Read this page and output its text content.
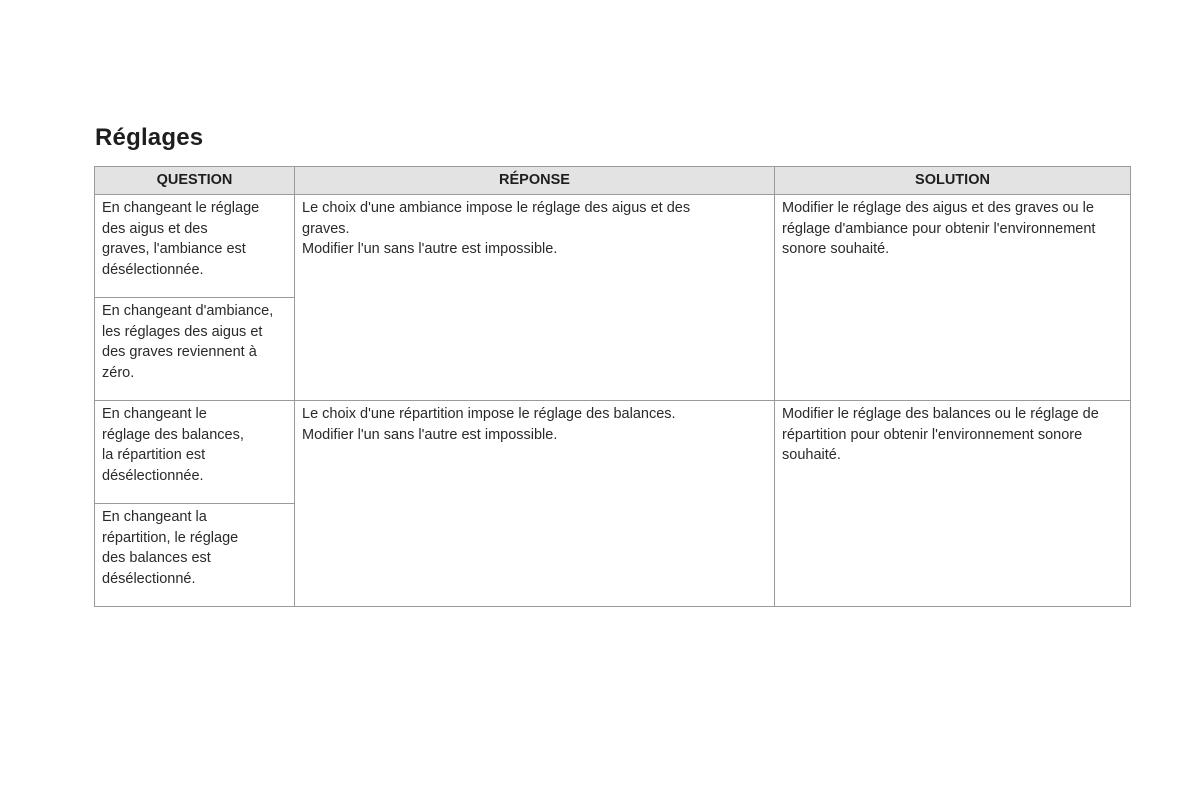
Réglages
QUESTION	RÉPONSE	SOLUTION

En changeant le réglage
des aigus et des
graves, l'ambiance est
désélectionnée.	Le choix d'une ambiance impose le réglage des aigus et des
graves.
Modifier l'un sans l'autre est impossible.	Modifier le réglage des aigus et des graves ou le
réglage d'ambiance pour obtenir l'environnement
sonore souhaité.

En changeant d'ambiance,
les réglages des aigus et
des graves reviennent à
zéro.		

En changeant le
réglage des balances,
la répartition est
désélectionnée.	Le choix d'une répartition impose le réglage des balances.
Modifier l'un sans l'autre est impossible.	Modifier le réglage des balances ou le réglage de
répartition pour obtenir l'environnement sonore
souhaité.

En changeant la
répartition, le réglage
des balances est
désélectionné.		
